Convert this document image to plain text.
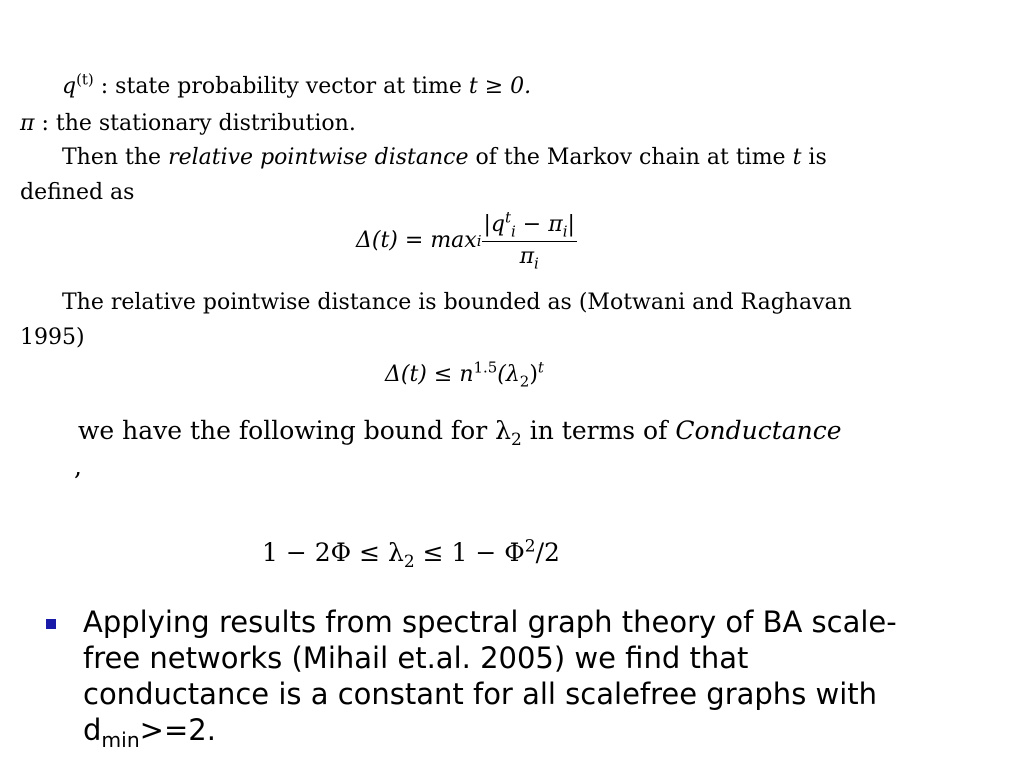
$q^{(t)}$ : state probability vector at time t ≥ 0.
π : the stationary distribution.
Then the relative pointwise distance of the Markov chain at time t is
defined as
Δ(t) = max i $\frac{|q^t_i - \pi_i|}{\pi_i}$
The relative pointwise distance is bounded as (Motwani and Raghavan
1995)
$\Delta(t) \le n^{1.5}(\lambda_2)^t$
we have the following bound for $\lambda_2$ in terms of Conductance
,
$1 - 2\Phi \le \lambda_2 \le 1 - \Phi^2/2$
Applying results from spectral graph theory of BA scale-free networks (Mihail et.al. 2005) we find that conductance is a constant for all scalefree graphs with $d_{min}>=2$.
